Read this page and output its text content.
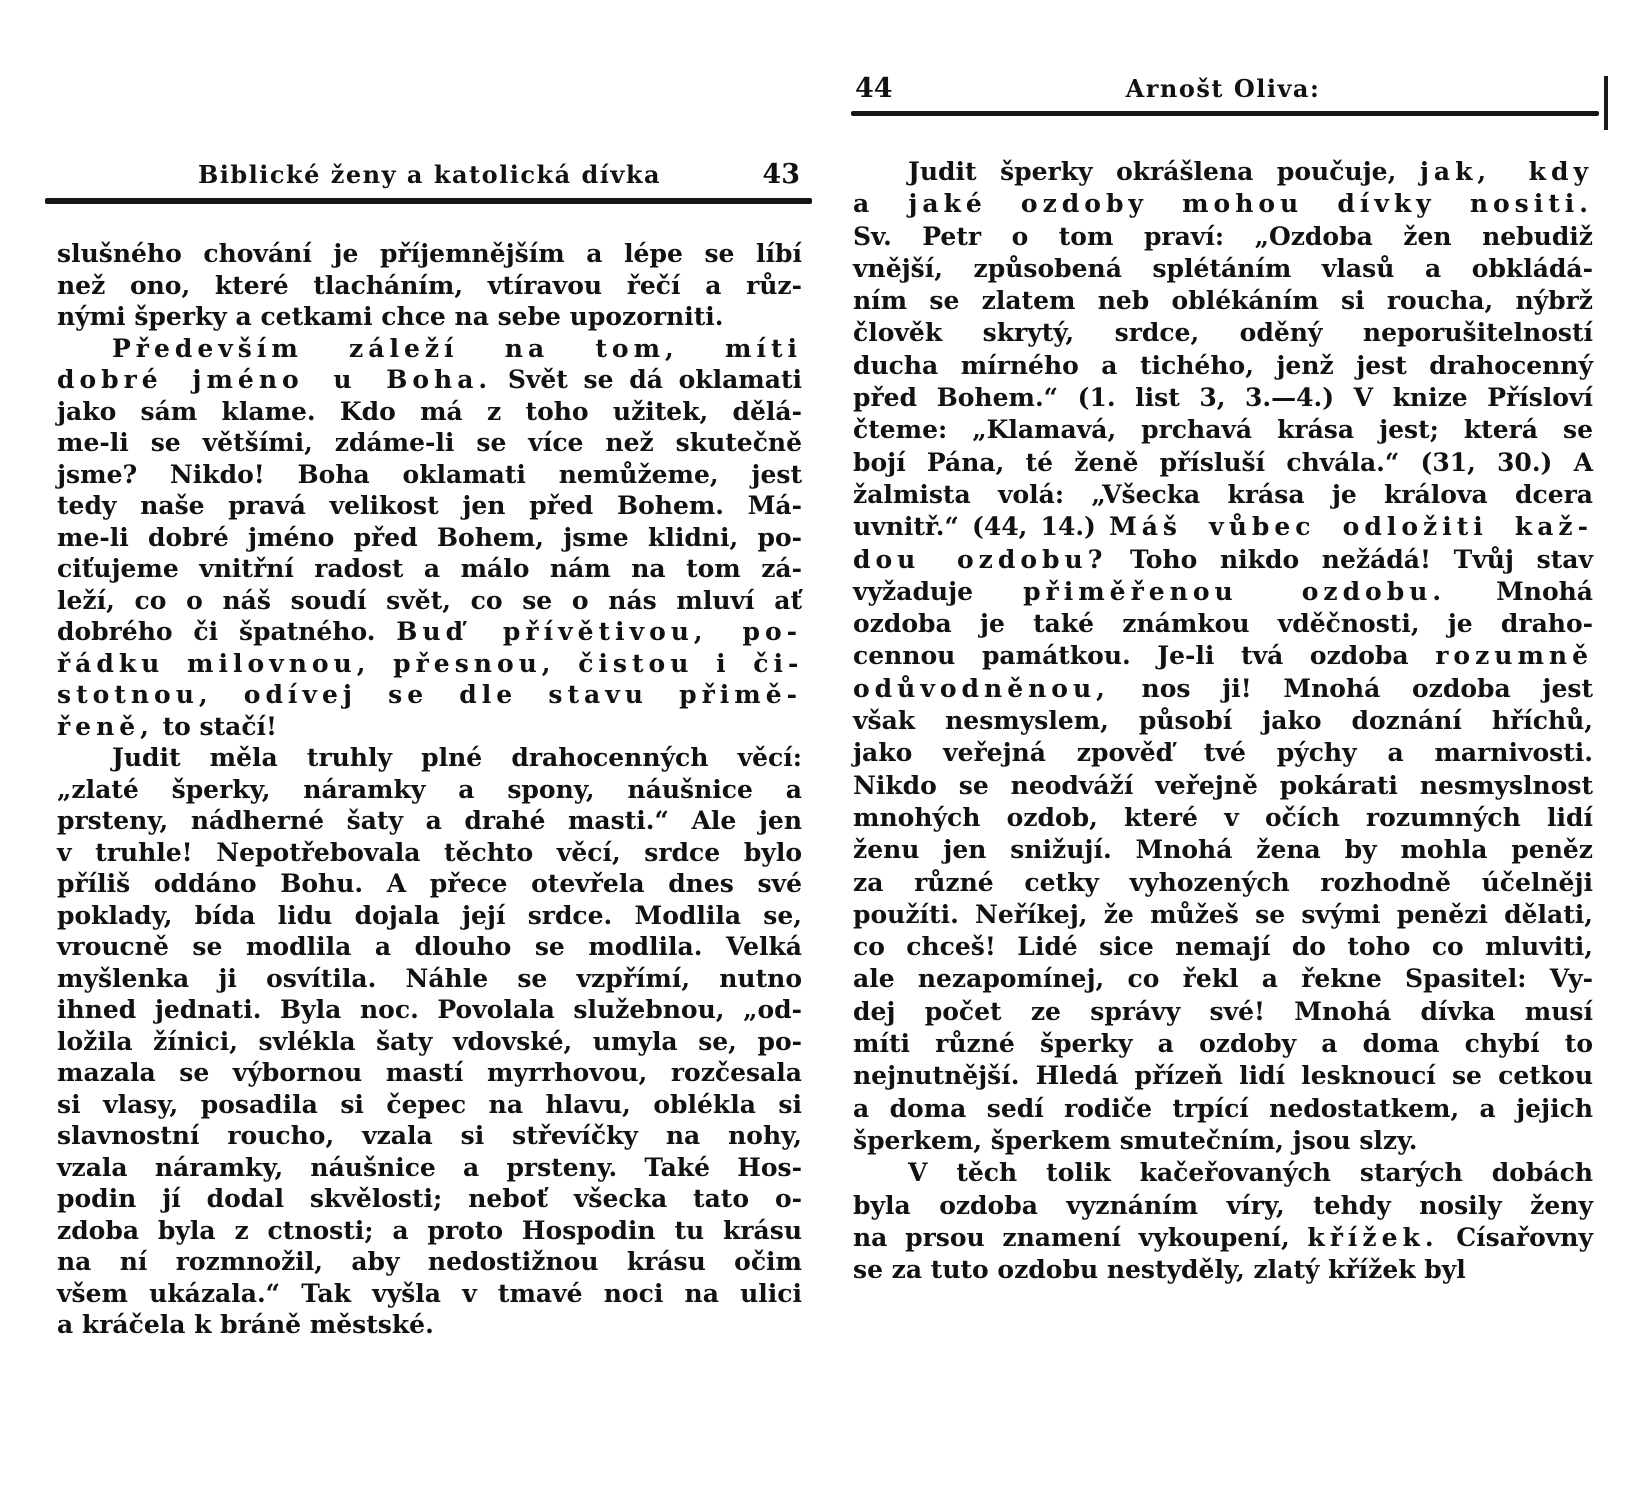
Biblické ženy a katolická dívka	43

slušného chování je příjemnějším a lépe se líbí
než ono, které tlacháním, vtíravou řečí a růz-
nými šperky a cetkami chce na sebe upozorniti.

Především záleží na tom, míti
dobré jméno u Boha. Svět se dá oklamati
jako sám klame. Kdo má z toho užitek, dělá-
me-li se většími, zdáme-li se více než skutečně
jsme? Nikdo! Boha oklamati nemůžeme, jest
tedy naše pravá velikost jen před Bohem. Má-
me-li dobré jméno před Bohem, jsme klidni, po-
ciťujeme vnitřní radost a málo nám na tom zá-
leží, co o náš soudí svět, co se o nás mluví ať
dobrého či špatného. Buď přívětivou, po-
řádku milovnou, přesnou, čistou i či-
stotnou, odívej se dle stavu přimě-
řeně, to stačí!

Judit měla truhly plné drahocenných věcí:
„zlaté šperky, náramky a spony, náušnice a
prsteny, nádherné šaty a drahé masti.“ Ale jen
v truhle! Nepotřebovala těchto věcí, srdce bylo
příliš oddáno Bohu. A přece otevřela dnes své
poklady, bída lidu dojala její srdce. Modlila se,
vroucně se modlila a dlouho se modlila. Velká
myšlenka ji osvítila. Náhle se vzpřímí, nutno
ihned jednati. Byla noc. Povolala služebnou, „od-
ložila žínici, svlékla šaty vdovské, umyla se, po-
mazala se výbornou mastí myrrhovou, rozčesala
si vlasy, posadila si čepec na hlavu, oblékla si
slavnostní roucho, vzala si střevíčky na nohy,
vzala náramky, náušnice a prsteny. Také Hos-
podin jí dodal skvělosti; neboť všecka tato o-
zdoba byla z ctnosti; a proto Hospodin tu krásu
na ní rozmnožil, aby nedostižnou krásu očim
všem ukázala.“ Tak vyšla v tmavé noci na ulici
a kráčela k bráně městské.

44	Arnošt Oliva:

Judit šperky okrášlena poučuje, jak, kdy
a jaké ozdoby mohou dívky nositi.
Sv. Petr o tom praví: „Ozdoba žen nebudiž
vnější, způsobená splétáním vlasů a obkládá-
ním se zlatem neb oblékáním si roucha, nýbrž
člověk skrytý, srdce, oděný neporušitelností
ducha mírného a tichého, jenž jest drahocenný
před Bohem.“ (1. list 3, 3.—4.) V knize Přísloví
čteme: „Klamavá, prchavá krása jest; která se
bojí Pána, té ženě přísluší chvála.“ (31, 30.) A
žalmista volá: „Všecka krása je králova dcera
uvnitř.“ (44, 14.) Máš vůbec odložiti kaž-
dou ozdobu? Toho nikdo nežádá! Tvůj stav
vyžaduje přiměřenou ozdobu. Mnohá
ozdoba je také známkou vděčnosti, je draho-
cennou památkou. Je-li tvá ozdoba rozumně
odůvodněnou, nos ji! Mnohá ozdoba jest
však nesmyslem, působí jako doznání hříchů,
jako veřejná zpověď tvé pýchy a marnivosti.
Nikdo se neodváží veřejně pokárati nesmyslnost
mnohých ozdob, které v očích rozumných lidí
ženu jen snižují. Mnohá žena by mohla peněz
za různé cetky vyhozených rozhodně účelněji
použíti. Neříkej, že můžeš se svými penězi dělati,
co chceš! Lidé sice nemají do toho co mluviti,
ale nezapomínej, co řekl a řekne Spasitel: Vy-
dej počet ze správy své! Mnohá dívka musí
míti různé šperky a ozdoby a doma chybí to
nejnutnější. Hledá přízeň lidí lesknoucí se cetkou
a doma sedí rodiče trpící nedostatkem, a jejich
šperkem, šperkem smutečním, jsou slzy.

V těch tolik kačeřovaných starých dobách
byla ozdoba vyznáním víry, tehdy nosily ženy
na prsou znamení vykoupení, křížek. Císařovny
se za tuto ozdobu nestyděly, zlatý křížek byl
